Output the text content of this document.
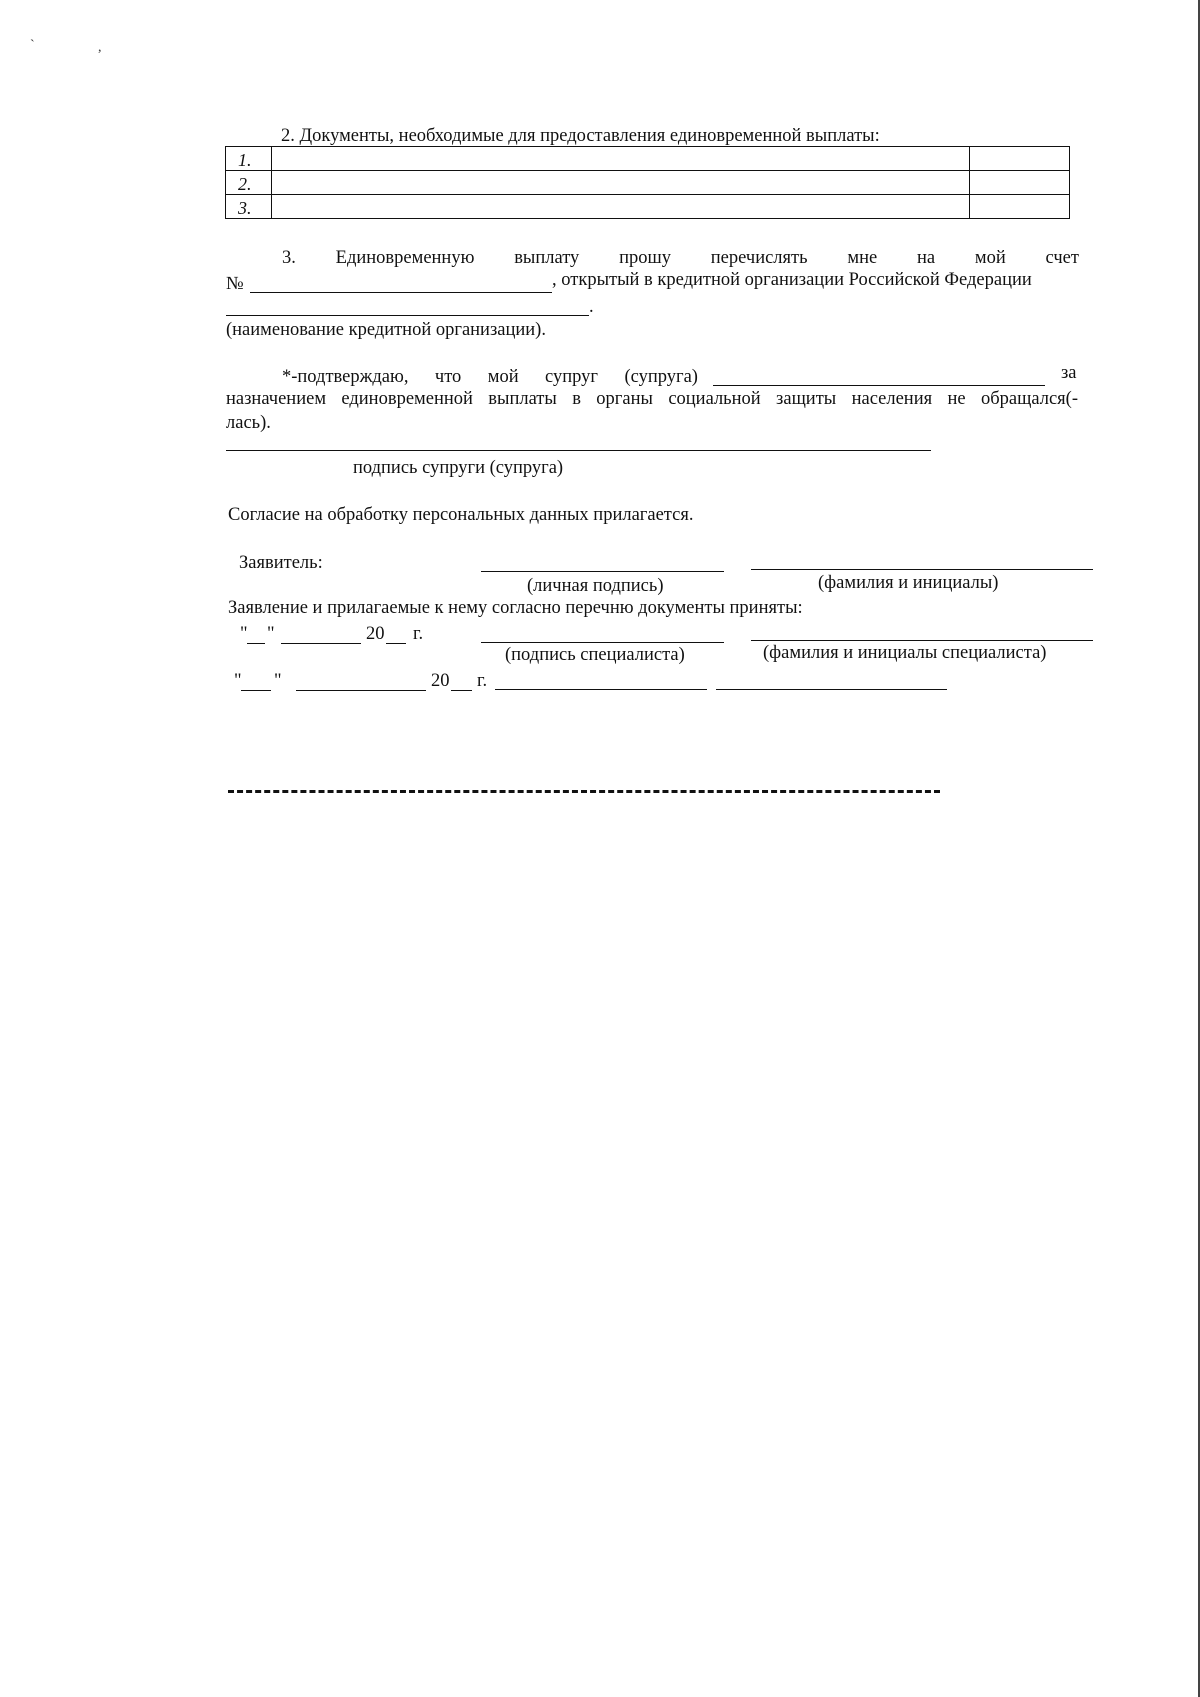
`	,
2. Документы, необходимые для предоставления единовременной выплаты:
1.		
2.		
3.		
3. Единовременную выплату прошу перечислять мне на мой счет
№	, открытый в кредитной организации Российской Федерации
.
(наименование кредитной организации).
*-подтверждаю, что мой супруг (супруга)	за
назначением единовременной выплаты в органы социальной защиты населения не обращался(-
лась).
подпись супруги (супруга)
Согласие на обработку персональных данных прилагается.
Заявитель:
(личная подпись)	(фамилия и инициалы)
Заявление и прилагаемые к нему согласно перечню документы приняты:
" "	20 г.
(подпись специалиста)	(фамилия и инициалы специалиста)
" "	20 г.
